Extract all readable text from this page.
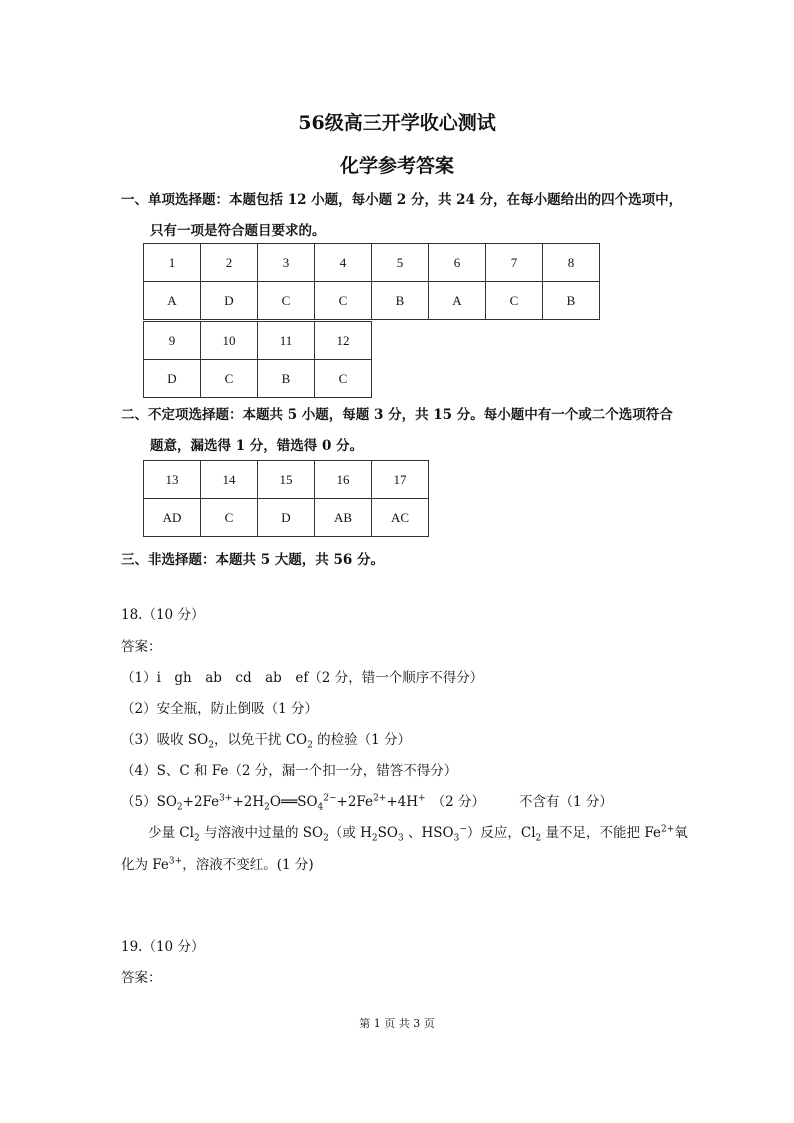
56级高三开学收心测试
化学参考答案
一、单项选择题：本题包括 12 小题，每小题 2 分，共 24 分，在每小题给出的四个选项中，
只有一项是符合题目要求的。
1	2	3	4	5	6	7	8
A	D	C	C	B	A	C	B
9	10	11	12
D	C	B	C
二、不定项选择题：本题共 5 小题，每题 3 分，共 15 分。每小题中有一个或二个选项符合
题意，漏选得 1 分，错选得 0 分。
13	14	15	16	17
AD	C	D	AB	AC
三、非选择题：本题共 5 大题，共 56 分。
18.（10 分）
答案：
（1）i　gh　ab　cd　ab　ef（2 分，错一个顺序不得分）
（2）安全瓶，防止倒吸（1 分）
（3）吸收 $SO_2$，以免干扰 $CO_2$ 的检验（1 分）
（4）S、C 和 Fe（2 分，漏一个扣一分，错答不得分）
$(5)SO_2+2Fe^{3+}+2H_2O══SO_4^{2-}+2Fe^{2+}+4H^+$ （2 分）	不含有（1 分）
少量 $Cl_2$ 与溶液中过量的 $SO_2$（或 $H_2SO_3$ 、$HSO_3^-$）反应，$Cl_2$ 量不足，不能把 $Fe^{2+}$氧
化为 $Fe^{3+}$，溶液不变红。(1 分)
19.（10 分）
答案：
第 1 页 共 3 页
